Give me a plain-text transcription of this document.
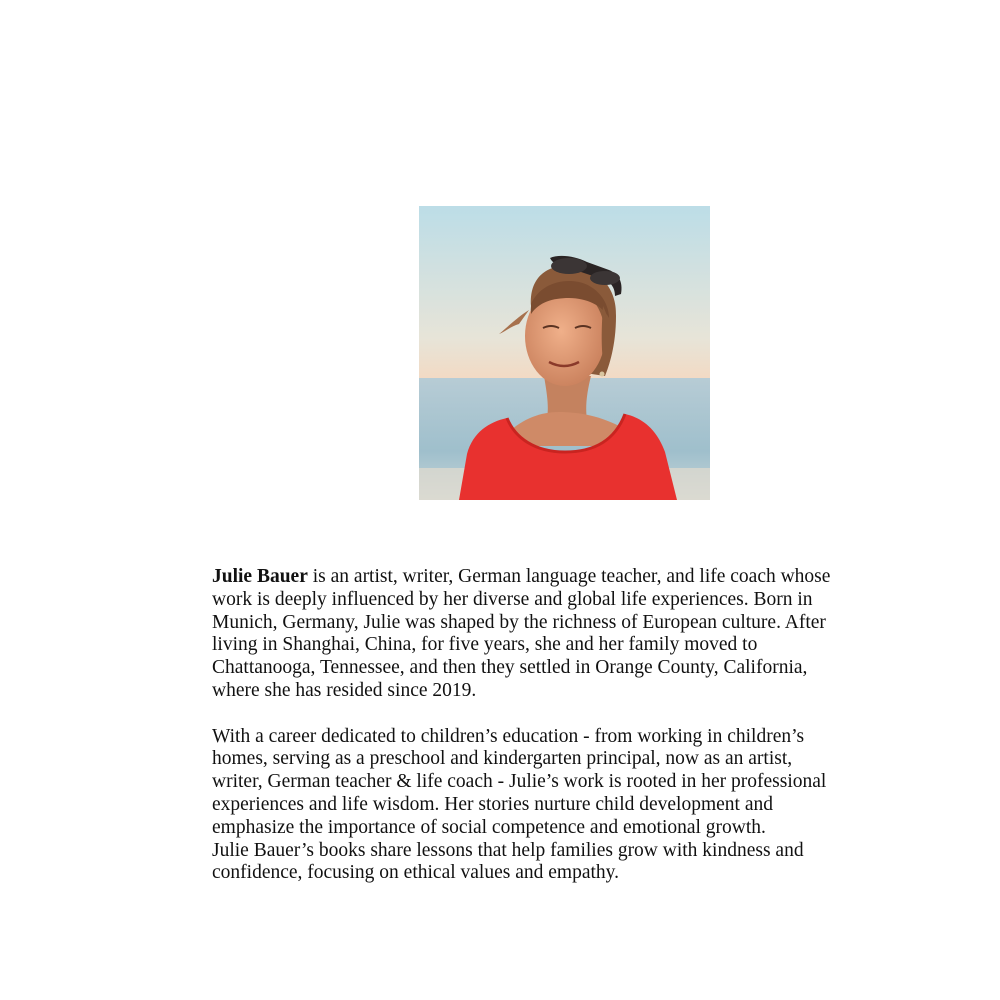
Julie Bauer is an artist, writer, German language teacher, and life coach whose
work is deeply influenced by her diverse and global life experiences. Born in
Munich, Germany, Julie was shaped by the richness of European culture. After
living in Shanghai, China, for five years, she and her family moved to
Chattanooga, Tennessee, and then they settled in Orange County, California,
where she has resided since 2019.

With a career dedicated to children’s education - from working in children’s
homes, serving as a preschool and kindergarten principal, now as an artist,
writer, German teacher & life coach - Julie’s work is rooted in her professional
experiences and life wisdom. Her stories nurture child development and
emphasize the importance of social competence and emotional growth.
Julie Bauer’s books share lessons that help families grow with kindness and
confidence, focusing on ethical values and empathy.
